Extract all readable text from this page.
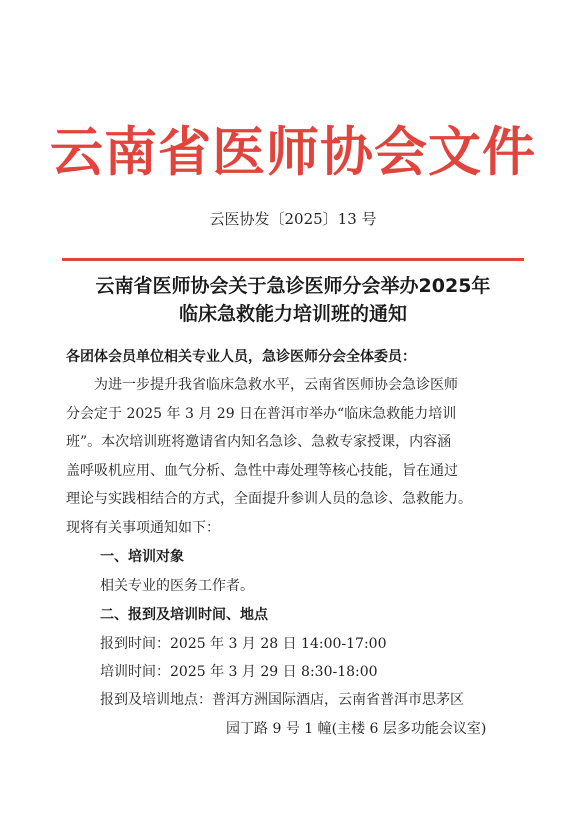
云南省医师协会文件
云医协发〔2025〕13 号
云南省医师协会关于急诊医师分会举办2025年
临床急救能力培训班的通知
各团体会员单位相关专业人员，急诊医师分会全体委员：
　　为进一步提升我省临床急救水平，云南省医师协会急诊医师
分会定于 2025 年 3 月 29 日在普洱市举办“临床急救能力培训
班”。本次培训班将邀请省内知名急诊、急救专家授课，内容涵
盖呼吸机应用、血气分析、急性中毒处理等核心技能，旨在通过
理论与实践相结合的方式，全面提升参训人员的急诊、急救能力。
现将有关事项通知如下：
一、培训对象
相关专业的医务工作者。
二、报到及培训时间、地点
报到时间：2025 年 3 月 28 日 14:00-17:00
培训时间：2025 年 3 月 29 日 8:30-18:00
报到及培训地点：普洱方洲国际酒店，云南省普洱市思茅区
园丁路 9 号 1 幢(主楼 6 层多功能会议室)
